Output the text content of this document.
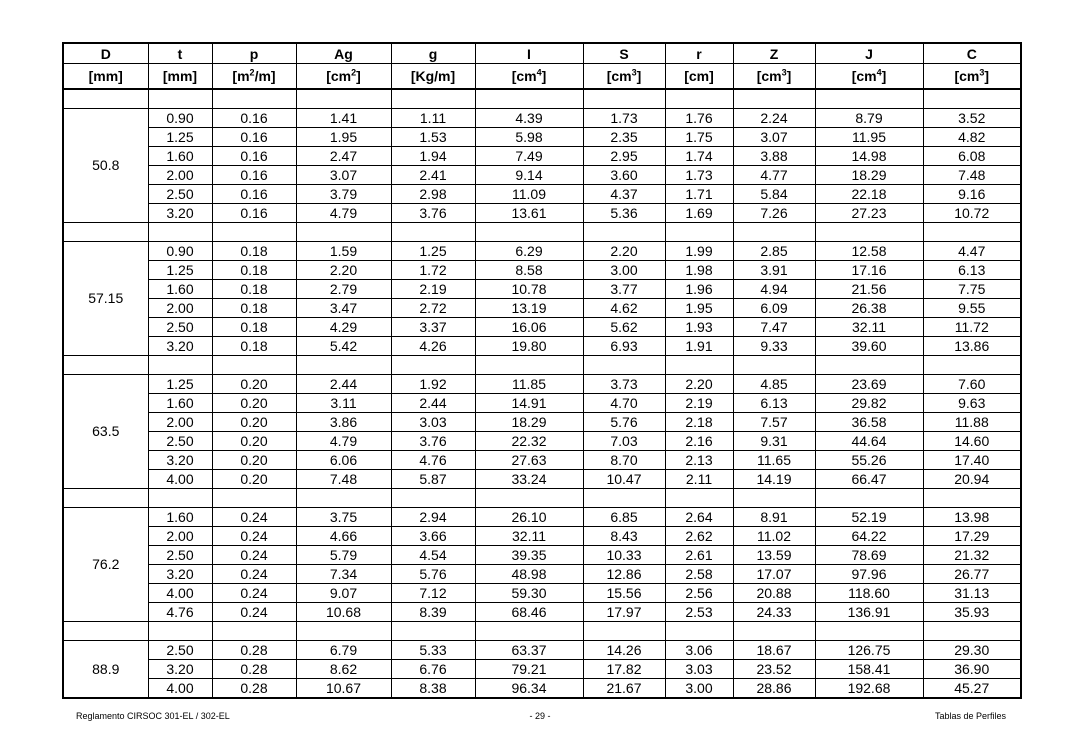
D	t	p	Ag	g	I	S	r	Z	J	C
[mm]	[mm]	$[m^2/m]$	$[cm^2]$	[Kg/m]	$[cm^4]$	$[cm^3]$	[cm]	$[cm^3]$	$[cm^4]$	$[cm^3]$

50.8	0.90	0.16	1.41	1.11	4.39	1.73	1.76	2.24	8.79	3.52
	1.25	0.16	1.95	1.53	5.98	2.35	1.75	3.07	11.95	4.82
	1.60	0.16	2.47	1.94	7.49	2.95	1.74	3.88	14.98	6.08
	2.00	0.16	3.07	2.41	9.14	3.60	1.73	4.77	18.29	7.48
	2.50	0.16	3.79	2.98	11.09	4.37	1.71	5.84	22.18	9.16
	3.20	0.16	4.79	3.76	13.61	5.36	1.69	7.26	27.23	10.72

57.15	0.90	0.18	1.59	1.25	6.29	2.20	1.99	2.85	12.58	4.47
	1.25	0.18	2.20	1.72	8.58	3.00	1.98	3.91	17.16	6.13
	1.60	0.18	2.79	2.19	10.78	3.77	1.96	4.94	21.56	7.75
	2.00	0.18	3.47	2.72	13.19	4.62	1.95	6.09	26.38	9.55
	2.50	0.18	4.29	3.37	16.06	5.62	1.93	7.47	32.11	11.72
	3.20	0.18	5.42	4.26	19.80	6.93	1.91	9.33	39.60	13.86

63.5	1.25	0.20	2.44	1.92	11.85	3.73	2.20	4.85	23.69	7.60
	1.60	0.20	3.11	2.44	14.91	4.70	2.19	6.13	29.82	9.63
	2.00	0.20	3.86	3.03	18.29	5.76	2.18	7.57	36.58	11.88
	2.50	0.20	4.79	3.76	22.32	7.03	2.16	9.31	44.64	14.60
	3.20	0.20	6.06	4.76	27.63	8.70	2.13	11.65	55.26	17.40
	4.00	0.20	7.48	5.87	33.24	10.47	2.11	14.19	66.47	20.94

76.2	1.60	0.24	3.75	2.94	26.10	6.85	2.64	8.91	52.19	13.98
	2.00	0.24	4.66	3.66	32.11	8.43	2.62	11.02	64.22	17.29
	2.50	0.24	5.79	4.54	39.35	10.33	2.61	13.59	78.69	21.32
	3.20	0.24	7.34	5.76	48.98	12.86	2.58	17.07	97.96	26.77
	4.00	0.24	9.07	7.12	59.30	15.56	2.56	20.88	118.60	31.13
	4.76	0.24	10.68	8.39	68.46	17.97	2.53	24.33	136.91	35.93

88.9	2.50	0.28	6.79	5.33	63.37	14.26	3.06	18.67	126.75	29.30
	3.20	0.28	8.62	6.76	79.21	17.82	3.03	23.52	158.41	36.90
	4.00	0.28	10.67	8.38	96.34	21.67	3.00	28.86	192.68	45.27
Reglamento CIRSOC 301-EL / 302-EL	- 29 -	Tablas de Perfiles
